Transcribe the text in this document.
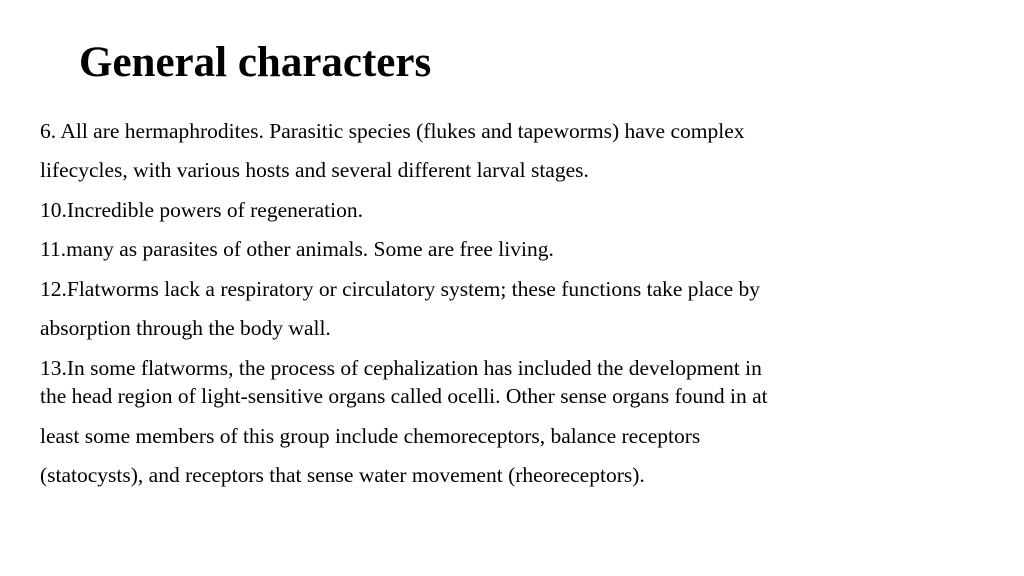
General characters

6. All are hermaphrodites. Parasitic species (flukes and tapeworms) have complex

lifecycles, with various hosts and several different larval stages.

10.Incredible powers of regeneration.

11.many as parasites of other animals. Some are free living.

12.Flatworms lack a respiratory or circulatory system; these functions take place by

absorption through the body wall.

13.In some flatworms, the process of cephalization has included the development in

the head region of light-sensitive organs called ocelli. Other sense organs found in at

least some members of this group include chemoreceptors, balance receptors

(statocysts), and receptors that sense water movement (rheoreceptors).
